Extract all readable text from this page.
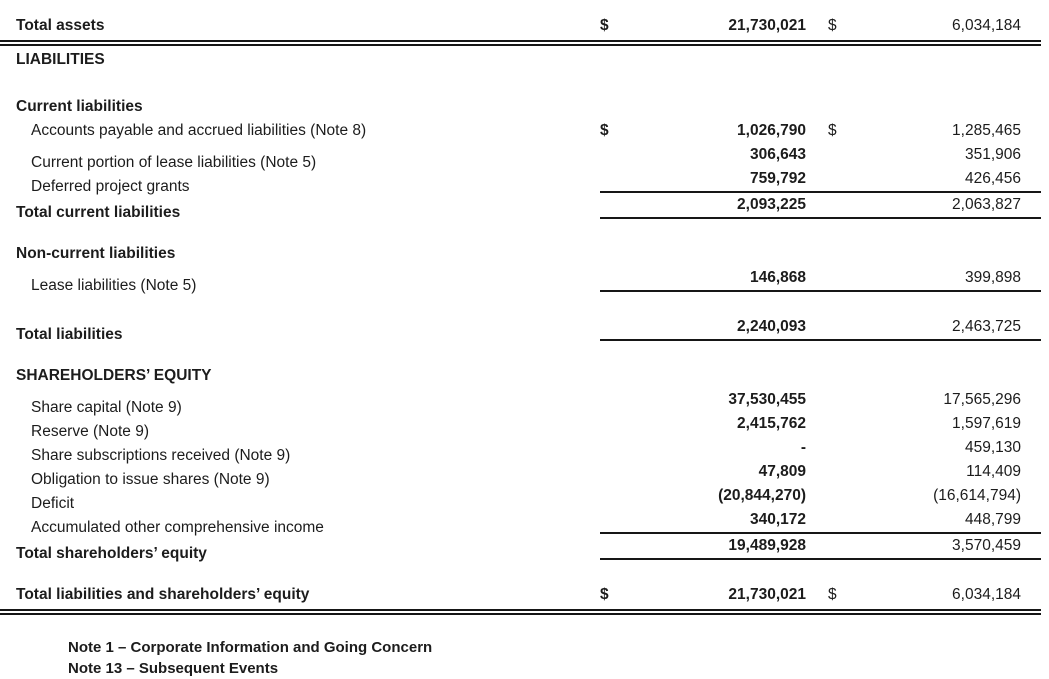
Total assets	$	21,730,021 $	6,034,184
LIABILITIES
Current liabilities
Accounts payable and accrued liabilities (Note 8)	$	1,026,790 $	1,285,465
Current portion of lease liabilities (Note 5)	306,643	351,906
Deferred project grants	759,792	426,456
Total current liabilities	2,093,225	2,063,827
Non-current liabilities
Lease liabilities (Note 5)	146,868	399,898
Total liabilities	2,240,093	2,463,725
SHAREHOLDERS’ EQUITY
Share capital (Note 9)	37,530,455	17,565,296
Reserve (Note 9)	2,415,762	1,597,619
Share subscriptions received (Note 9)	-	459,130
Obligation to issue shares (Note 9)	47,809	114,409
Deficit	(20,844,270)	(16,614,794)
Accumulated other comprehensive income	340,172	448,799
Total shareholders’ equity	19,489,928	3,570,459
Total liabilities and shareholders’ equity	$	21,730,021 $	6,034,184
Note 1 – Corporate Information and Going Concern
Note 13 – Subsequent Events
